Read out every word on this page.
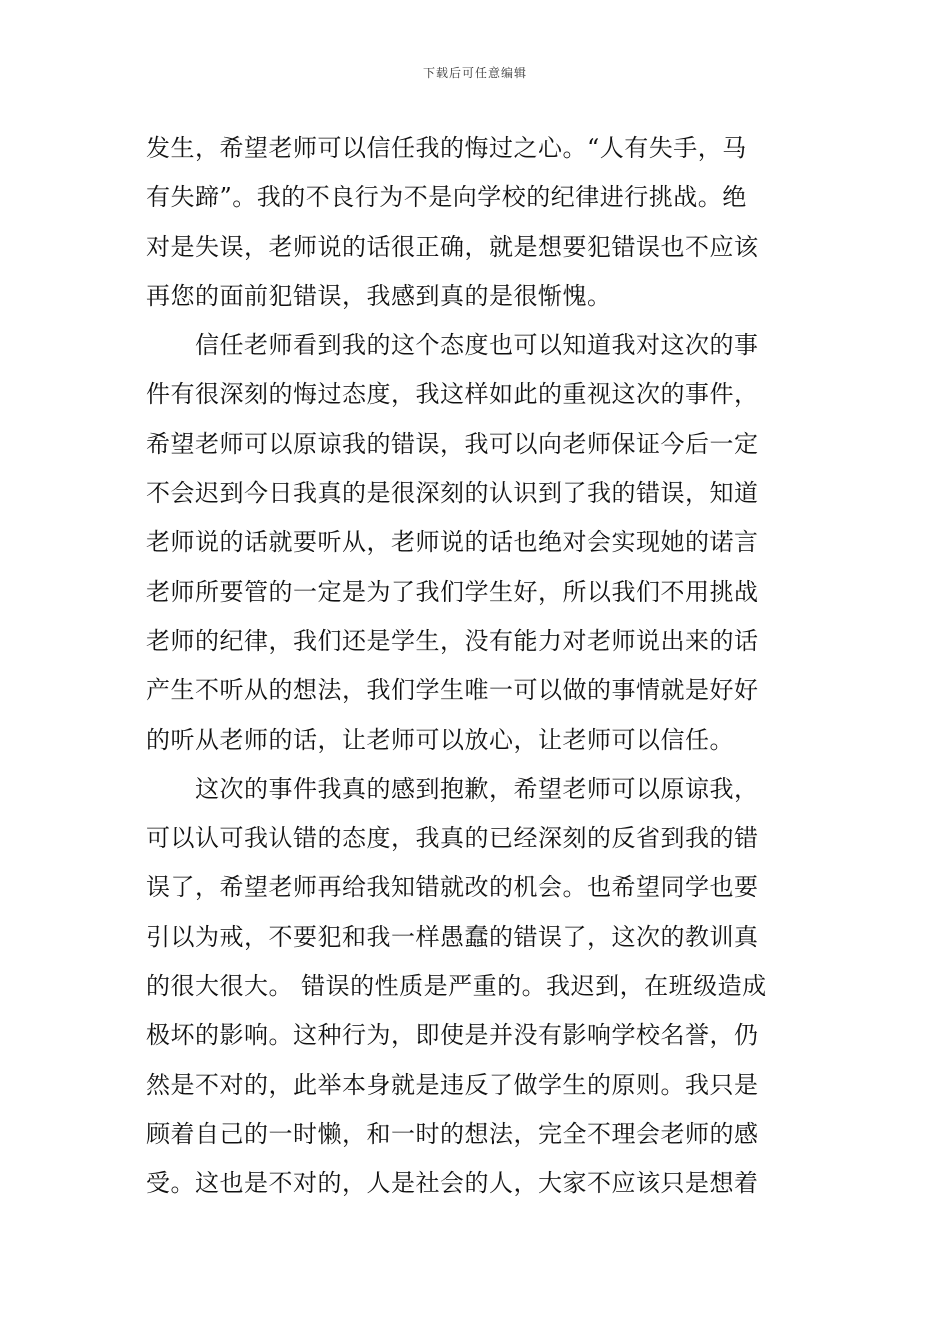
下载后可任意编辑
发生，希望老师可以信任我的悔过之心。“人有失手，马
有失蹄”。我的不良行为不是向学校的纪律进行挑战。绝
对是失误，老师说的话很正确，就是想要犯错误也不应该
再您的面前犯错误，我感到真的是很惭愧。
　　信任老师看到我的这个态度也可以知道我对这次的事
件有很深刻的悔过态度，我这样如此的重视这次的事件，
希望老师可以原谅我的错误，我可以向老师保证今后一定
不会迟到今日我真的是很深刻的认识到了我的错误，知道
老师说的话就要听从，老师说的话也绝对会实现她的诺言
老师所要管的一定是为了我们学生好，所以我们不用挑战
老师的纪律，我们还是学生，没有能力对老师说出来的话
产生不听从的想法，我们学生唯一可以做的事情就是好好
的听从老师的话，让老师可以放心，让老师可以信任。
　　这次的事件我真的感到抱歉，希望老师可以原谅我，
可以认可我认错的态度，我真的已经深刻的反省到我的错
误了，希望老师再给我知错就改的机会。也希望同学也要
引以为戒，不要犯和我一样愚蠢的错误了，这次的教训真
的很大很大。 错误的性质是严重的。我迟到，在班级造成
极坏的影响。这种行为，即使是并没有影响学校名誉，仍
然是不对的，此举本身就是违反了做学生的原则。我只是
顾着自己的一时懒，和一时的想法，完全不理会老师的感
受。这也是不对的，人是社会的人，大家不应该只是想着
